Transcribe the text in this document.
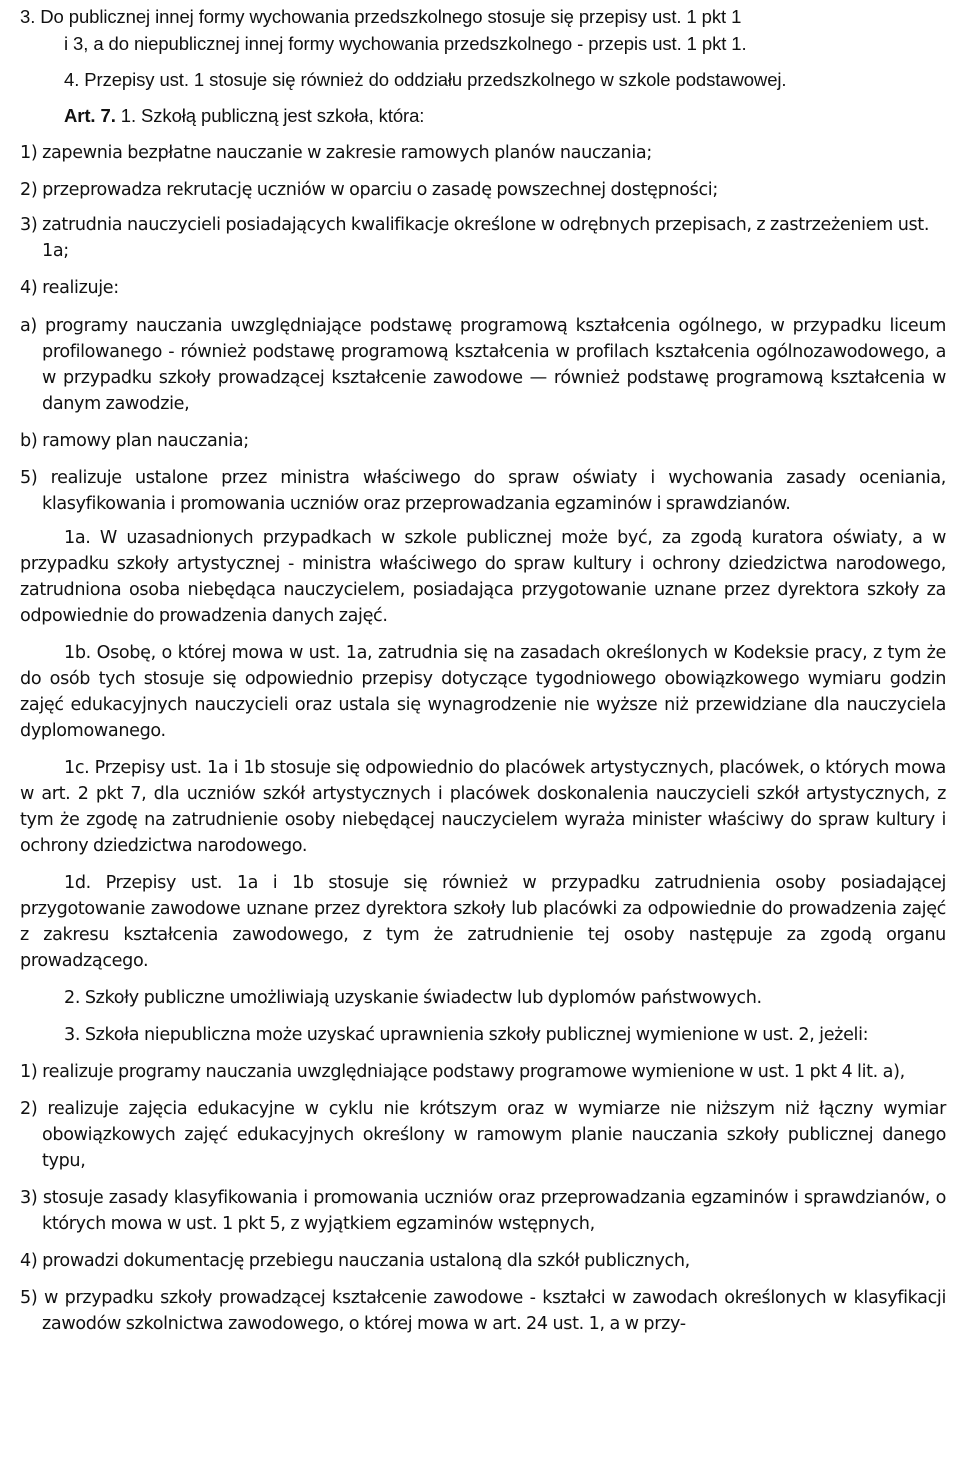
3. Do publicznej innej formy wychowania przedszkolnego stosuje się przepisy ust. 1 pkt 1
i 3, a do niepublicznej innej formy wychowania przedszkolnego - przepis ust. 1 pkt 1.

4. Przepisy ust. 1 stosuje się również do oddziału przedszkolnego w szkole podstawowej.

Art. 7. 1. Szkołą publiczną jest szkoła, która:

1) zapewnia bezpłatne nauczanie w zakresie ramowych planów nauczania;

2) przeprowadza rekrutację uczniów w oparciu o zasadę powszechnej dostępności;

3) zatrudnia nauczycieli posiadających kwalifikacje określone w odrębnych przepisach, z zastrzeżeniem ust. 1a;

4) realizuje:

a) programy nauczania uwzględniające podstawę programową kształcenia ogólnego, w przypadku liceum profilowanego - również podstawę programową kształcenia w profilach kształcenia ogólnozawodowego, a w przypadku szkoły prowadzącej kształcenie zawodowe — również podstawę programową kształcenia w danym zawodzie,

b) ramowy plan nauczania;

5) realizuje ustalone przez ministra właściwego do spraw oświaty i wychowania zasady oceniania, klasyfikowania i promowania uczniów oraz przeprowadzania egzaminów i sprawdzianów.

1a. W uzasadnionych przypadkach w szkole publicznej może być, za zgodą kuratora oświaty, a w przypadku szkoły artystycznej - ministra właściwego do spraw kultury i ochrony dziedzictwa narodowego, zatrudniona osoba niebędąca nauczycielem, posiadająca przygotowanie uznane przez dyrektora szkoły za odpowiednie do prowadzenia danych zajęć.

1b. Osobę, o której mowa w ust. 1a, zatrudnia się na zasadach określonych w Kodeksie pracy, z tym że do osób tych stosuje się odpowiednio przepisy dotyczące tygodniowego obowiązkowego wymiaru godzin zajęć edukacyjnych nauczycieli oraz ustala się wynagrodzenie nie wyższe niż przewidziane dla nauczyciela dyplomowanego.

1c. Przepisy ust. 1a i 1b stosuje się odpowiednio do placówek artystycznych, placówek, o których mowa w art. 2 pkt 7, dla uczniów szkół artystycznych i placówek doskonalenia nauczycieli szkół artystycznych, z tym że zgodę na zatrudnienie osoby niebędącej nauczycielem wyraża minister właściwy do spraw kultury i ochrony dziedzictwa narodowego.

1d. Przepisy ust. 1a i 1b stosuje się również w przypadku zatrudnienia osoby posiadającej przygotowanie zawodowe uznane przez dyrektora szkoły lub placówki za odpowiednie do prowadzenia zajęć z zakresu kształcenia zawodowego, z tym że zatrudnienie tej osoby następuje za zgodą organu prowadzącego.

2. Szkoły publiczne umożliwiają uzyskanie świadectw lub dyplomów państwowych.

3. Szkoła niepubliczna może uzyskać uprawnienia szkoły publicznej wymienione w ust. 2, jeżeli:

1) realizuje programy nauczania uwzględniające podstawy programowe wymienione w ust. 1 pkt 4 lit. a),

2) realizuje zajęcia edukacyjne w cyklu nie krótszym oraz w wymiarze nie niższym niż łączny wymiar obowiązkowych zajęć edukacyjnych określony w ramowym planie nauczania szkoły publicznej danego typu,

3) stosuje zasady klasyfikowania i promowania uczniów oraz przeprowadzania egzaminów i sprawdzianów, o których mowa w ust. 1 pkt 5, z wyjątkiem egzaminów wstępnych,

4) prowadzi dokumentację przebiegu nauczania ustaloną dla szkół publicznych,

5) w przypadku szkoły prowadzącej kształcenie zawodowe - kształci w zawodach określonych w klasyfikacji zawodów szkolnictwa zawodowego, o której mowa w art. 24 ust. 1, a w przy-
